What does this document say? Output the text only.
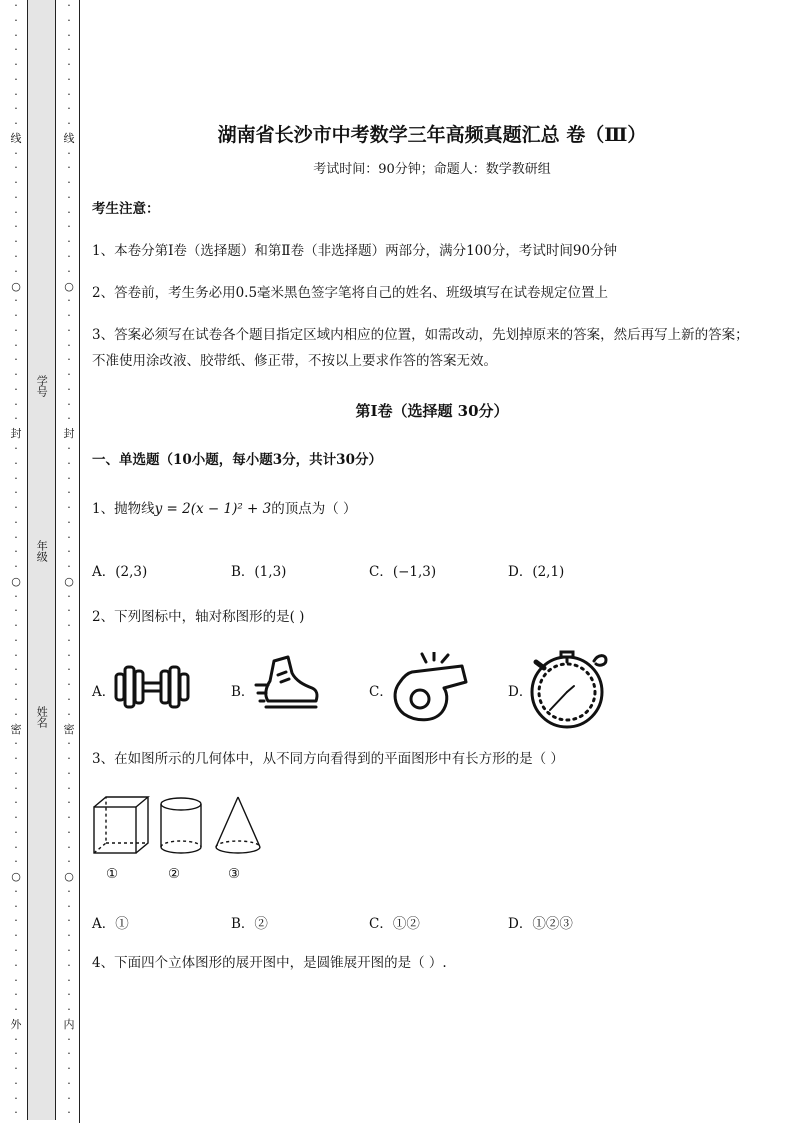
·
·
·
·
·
·
·
·
·
线
·
·
·
·
·
·
·
·
·
○
·
·
·
·
·
·
·
·
·
封
·
·
·
·
·
·
·
·
·
○
·
·
·
·
·
·
·
·
·
密
·
·
·
·
·
·
·
·
·
○
·
·
·
·
·
·
·
·
·
外
·
·
·
·
·
·
学号
年级
姓名
·
·
·
·
·
·
·
·
·
线
·
·
·
·
·
·
·
·
·
○
·
·
·
·
·
·
·
·
·
封
·
·
·
·
·
·
·
·
·
○
·
·
·
·
·
·
·
·
·
密
·
·
·
·
·
·
·
·
·
○
·
·
·
·
·
·
·
·
·
内
·
·
·
·
·
·
湖南省长沙市中考数学三年高频真题汇总 卷（Ⅲ）
考试时间：90分钟；命题人：数学教研组
考生注意：
1、本卷分第Ⅰ卷（选择题）和第Ⅱ卷（非选择题）两部分，满分100分，考试时间90分钟
2、答卷前，考生务必用0.5毫米黑色签字笔将自己的姓名、班级填写在试卷规定位置上
3、答案必须写在试卷各个题目指定区域内相应的位置，如需改动，先划掉原来的答案，然后再写上新的答案；不准使用涂改液、胶带纸、修正带，不按以上要求作答的答案无效。
第Ⅰ卷（选择题 30分）
一、单选题（10小题，每小题3分，共计30分）
1、抛物线y = 2(x − 1)² + 3的顶点为（ ）
A．(2,3)	B．(1,3)	C．(−1,3)	D．(2,1)
2、下列图标中，轴对称图形的是( )
A．	B．	C．	D．
3、在如图所示的几何体中，从不同方向看得到的平面图形中有长方形的是（ ）
①	②	③
A．①	B．②	C．①②	D．①②③
4、下面四个立体图形的展开图中，是圆锥展开图的是（ ）.
